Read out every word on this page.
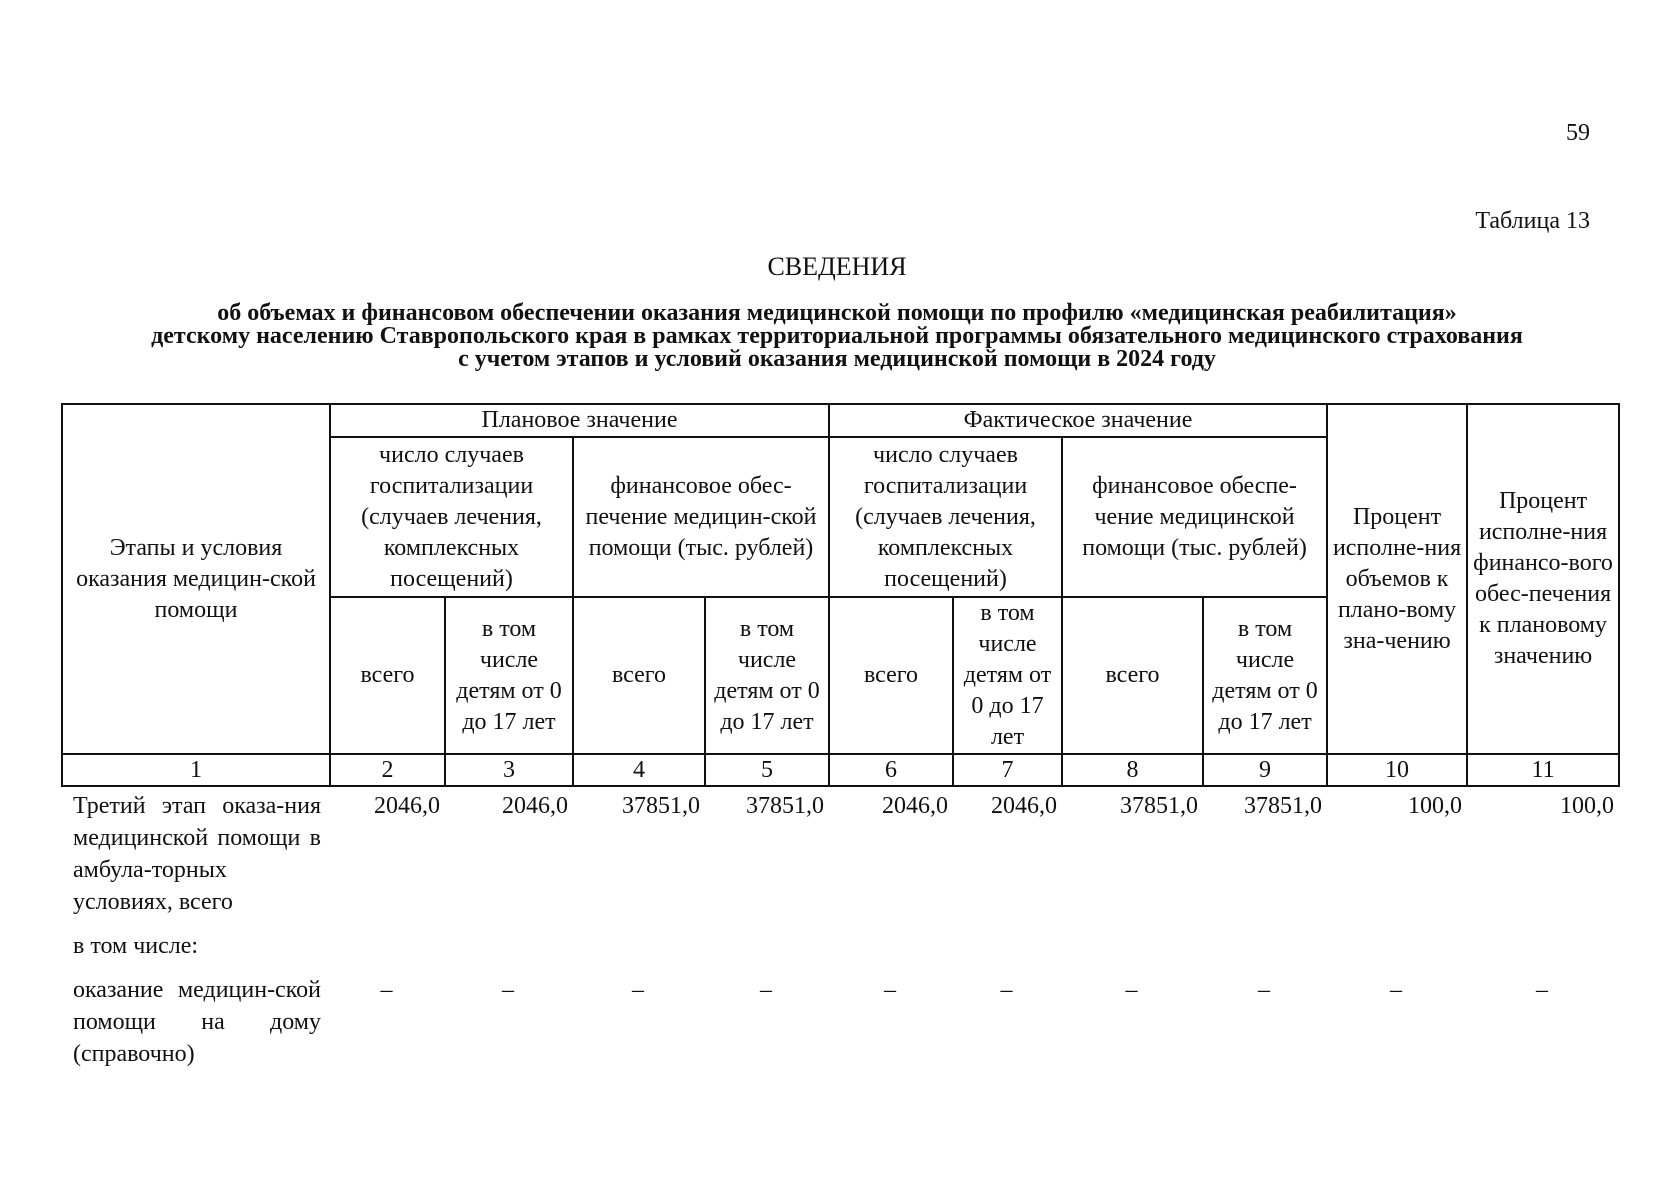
59
Таблица 13
СВЕДЕНИЯ
об объемах и финансовом обеспечении оказания медицинской помощи по профилю «медицинская реабилитация»
детскому населению Ставропольского края в рамках территориальной программы обязательного медицинского страхования
с учетом этапов и условий оказания медицинской помощи в 2024 году
Этапы и условия оказания медицин-ской помощи	Плановое значение				Фактическое значение				Процент исполне-ния объемов к плано-вому зна-чению	Процент исполне-ния финансо-вого обес-печения к плановому значению
	число случаев госпитализации (случаев лечения, комплексных посещений)		финансовое обес-печение медицин-ской помощи (тыс. рублей)		число случаев госпитализации (случаев лечения, комплексных посещений)		финансовое обеспе-чение медицинской помощи (тыс. рублей)			
	всего	в том числе детям от 0 до 17 лет	всего	в том числе детям от 0 до 17 лет	всего	в том числе детям от 0 до 17 лет	всего	в том числе детям от 0 до 17 лет		
1	2	3	4	5	6	7	8	9	10	11
Третий этап оказа-ния медицинской помощи в амбула-торных условиях, всего	2046,0	2046,0	37851,0	37851,0	2046,0	2046,0	37851,0	37851,0	100,0	100,0
в том числе:										
оказание медицин-ской помощи на дому (справочно)	–	–	–	–	–	–	–	–	–	–
